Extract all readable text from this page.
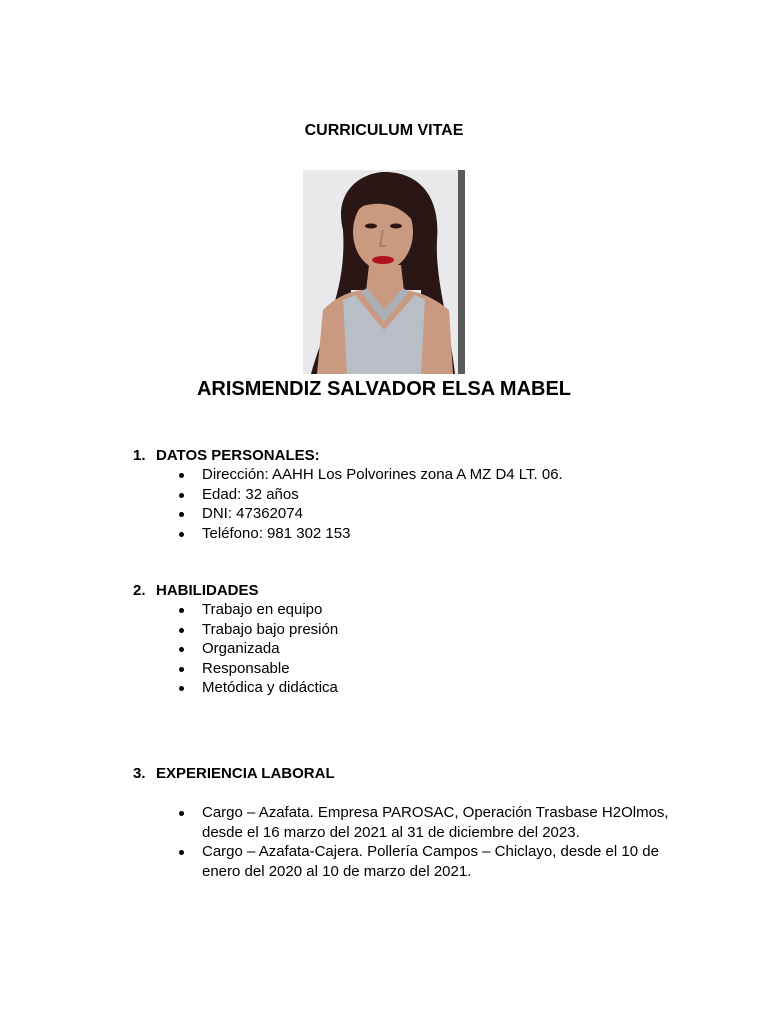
CURRICULUM VITAE
ARISMENDIZ SALVADOR ELSA MABEL
1. DATOS PERSONALES:
Dirección: AAHH Los Polvorines zona A MZ D4 LT. 06.
Edad: 32 años
DNI: 47362074
Teléfono: 981 302 153
2. HABILIDADES
Trabajo en equipo
Trabajo bajo presión
Organizada
Responsable
Metódica y didáctica
3. EXPERIENCIA LABORAL
Cargo – Azafata. Empresa PAROSAC, Operación Trasbase H2Olmos, desde el 16 marzo del 2021 al 31 de diciembre del 2023.
Cargo – Azafata-Cajera. Pollería Campos – Chiclayo, desde el 10 de enero del 2020 al 10 de marzo del 2021.
